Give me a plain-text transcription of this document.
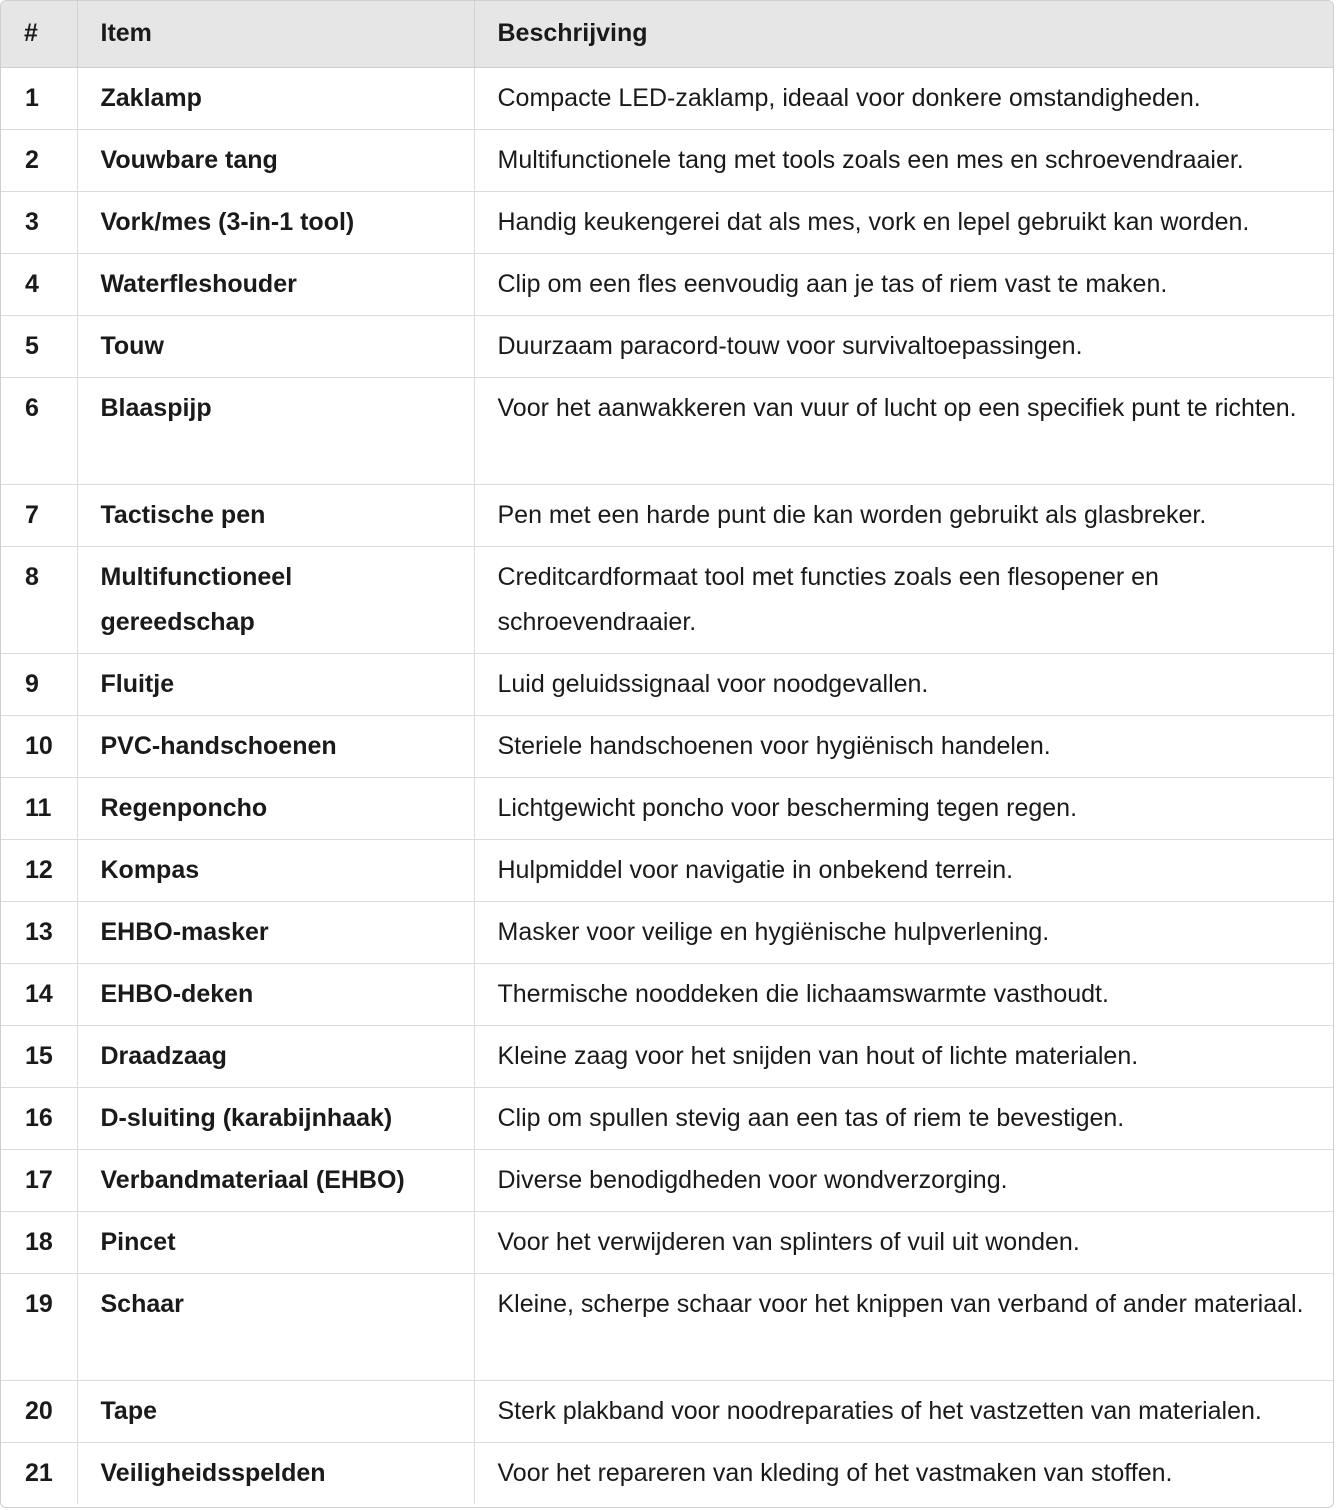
#	Item	Beschrijving
1	Zaklamp	Compacte LED-zaklamp, ideaal voor donkere omstandigheden.
2	Vouwbare tang	Multifunctionele tang met tools zoals een mes en schroevendraaier.
3	Vork/mes (3-in-1 tool)	Handig keukengerei dat als mes, vork en lepel gebruikt kan worden.
4	Waterfleshouder	Clip om een fles eenvoudig aan je tas of riem vast te maken.
5	Touw	Duurzaam paracord-touw voor survivaltoepassingen.
6	Blaaspijp	Voor het aanwakkeren van vuur of lucht op een specifiek punt te richten.
7	Tactische pen	Pen met een harde punt die kan worden gebruikt als glasbreker.
8	Multifunctioneel gereedschap	Creditcardformaat tool met functies zoals een flesopener en schroevendraaier.
9	Fluitje	Luid geluidssignaal voor noodgevallen.
10	PVC-handschoenen	Steriele handschoenen voor hygiënisch handelen.
11	Regenponcho	Lichtgewicht poncho voor bescherming tegen regen.
12	Kompas	Hulpmiddel voor navigatie in onbekend terrein.
13	EHBO-masker	Masker voor veilige en hygiënische hulpverlening.
14	EHBO-deken	Thermische nooddeken die lichaamswarmte vasthoudt.
15	Draadzaag	Kleine zaag voor het snijden van hout of lichte materialen.
16	D-sluiting (karabijnhaak)	Clip om spullen stevig aan een tas of riem te bevestigen.
17	Verbandmateriaal (EHBO)	Diverse benodigdheden voor wondverzorging.
18	Pincet	Voor het verwijderen van splinters of vuil uit wonden.
19	Schaar	Kleine, scherpe schaar voor het knippen van verband of ander materiaal.
20	Tape	Sterk plakband voor noodreparaties of het vastzetten van materialen.
21	Veiligheidsspelden	Voor het repareren van kleding of het vastmaken van stoffen.
